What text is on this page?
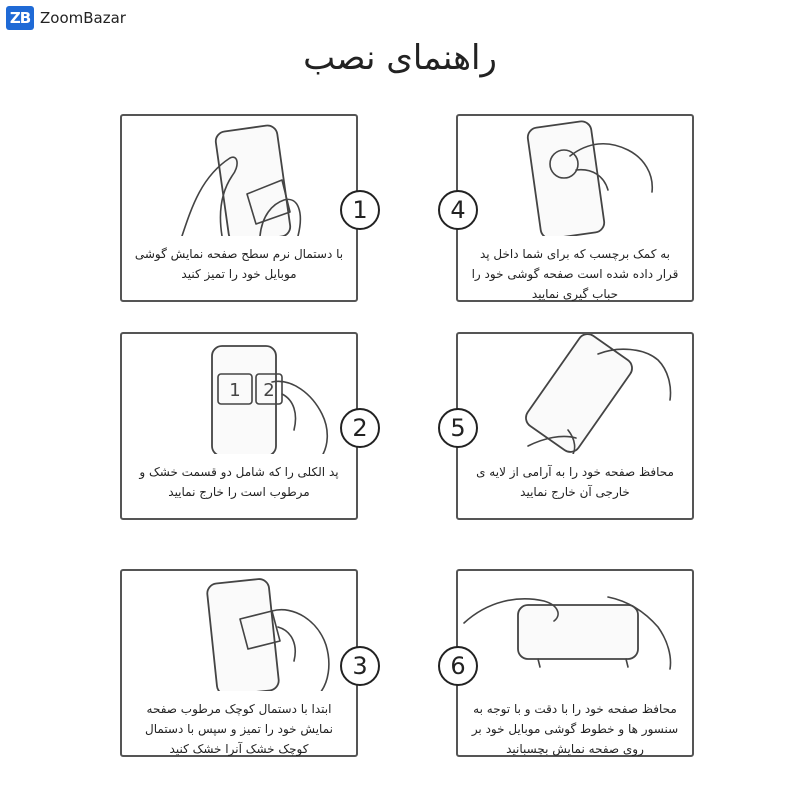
ZB ZoomBazar
راهنمای نصب
با دستمال نرم سطح صفحه نمایش گوشی موبایل خود را تمیز کنید
1
1 2
پد الکلی را که شامل دو قسمت خشک و مرطوب است را خارج نمایید
2
ابتدا با دستمال کوچک مرطوب صفحه نمایش خود را تمیز و سپس با دستمال کوچک خشک آنرا خشک کنید
3
به کمک برچسب که برای شما داخل پد قرار داده شده است صفحه گوشی خود را حباب گیری نمایید
4
محافظ صفحه خود را به آرامی از لایه ی خارجی آن خارج نمایید
5
محافظ صفحه خود را با دقت و با توجه به سنسور ها و خطوط گوشی موبایل خود بر روی صفحه نمایش بچسبانید
6
